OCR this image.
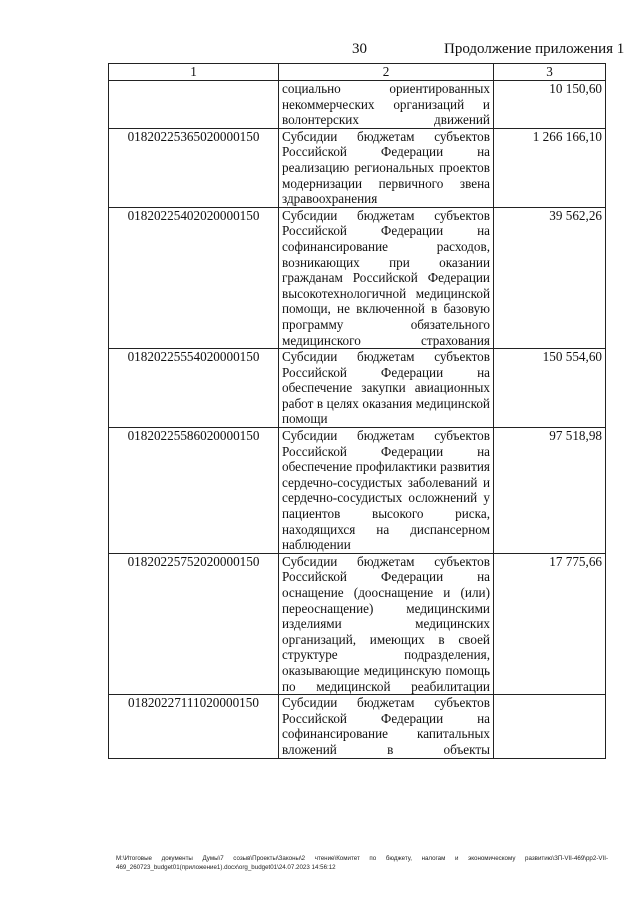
30	Продолжение приложения 1
1	2	3
	социально ориентированных некоммерческих организаций и волонтерских движений	10 150,60
01820225365020000150	Субсидии бюджетам субъектов Российской Федерации на реализацию региональных проектов модернизации первичного звена здравоохранения	1 266 166,10
01820225402020000150	Субсидии бюджетам субъектов Российской Федерации на софинансирование расходов, возникающих при оказании гражданам Российской Федерации высокотехнологичной медицинской помощи, не включенной в базовую программу обязательного медицинского страхования	39 562,26
01820225554020000150	Субсидии бюджетам субъектов Российской Федерации на обеспечение закупки авиационных работ в целях оказания медицинской помощи	150 554,60
01820225586020000150	Субсидии бюджетам субъектов Российской Федерации на обеспечение профилактики развития сердечно-сосудистых заболеваний и сердечно-сосудистых осложнений у пациентов высокого риска, находящихся на диспансерном наблюдении	97 518,98
01820225752020000150	Субсидии бюджетам субъектов Российской Федерации на оснащение (дооснащение и (или) переоснащение) медицинскими изделиями медицинских организаций, имеющих в своей структуре подразделения, оказывающие медицинскую помощь по медицинской реабилитации	17 775,66
01820227111020000150	Субсидии бюджетам субъектов Российской Федерации на софинансирование капитальных вложений в объекты	
M:\Итоговые документы Думы\7 созыв\Проекты\Законы\2 чтение\Комитет по бюджету, налогам и экономическому развитию\ЗП-VII-469\pp2-VII-469_260723_budget01(приложение1).docx\org_budget01\24.07.2023 14:56:12
